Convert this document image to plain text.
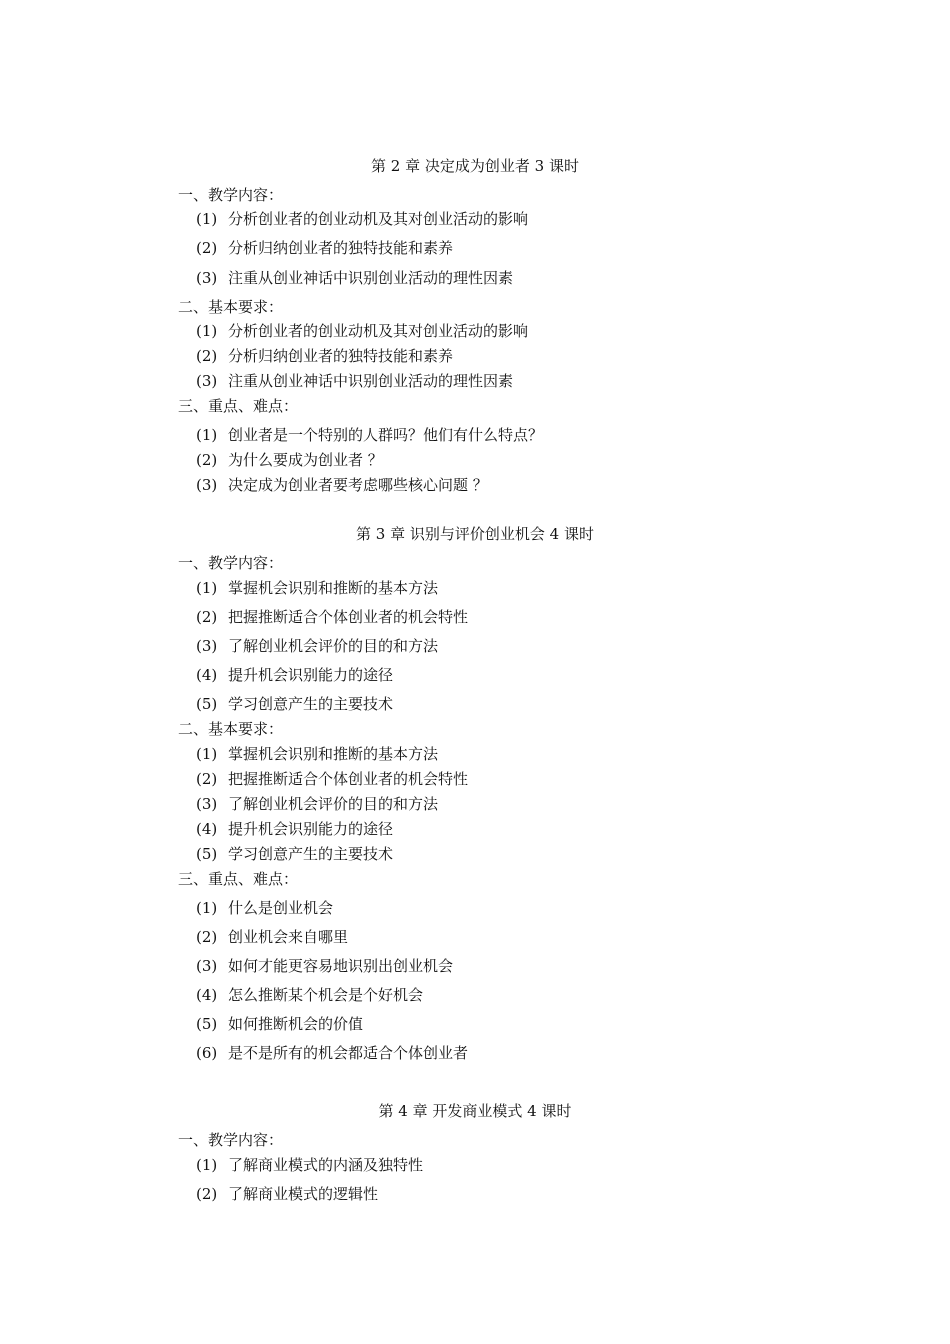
第 2 章 决定成为创业者 3 课时
一、教学内容：
(1) 分析创业者的创业动机及其对创业活动的影响
(2) 分析归纳创业者的独特技能和素养
(3) 注重从创业神话中识别创业活动的理性因素
二、基本要求：
(1) 分析创业者的创业动机及其对创业活动的影响
(2) 分析归纳创业者的独特技能和素养
(3) 注重从创业神话中识别创业活动的理性因素
三、重点、难点：
(1) 创业者是一个特别的人群吗？他们有什么特点？
(2) 为什么要成为创业者 ？
(3) 决定成为创业者要考虑哪些核心问题 ？
第 3 章 识别与评价创业机会 4 课时
一、教学内容：
(1) 掌握机会识别和推断的基本方法
(2) 把握推断适合个体创业者的机会特性
(3) 了解创业机会评价的目的和方法
(4) 提升机会识别能力的途径
(5) 学习创意产生的主要技术
二、基本要求：
(1) 掌握机会识别和推断的基本方法
(2) 把握推断适合个体创业者的机会特性
(3) 了解创业机会评价的目的和方法
(4) 提升机会识别能力的途径
(5) 学习创意产生的主要技术
三、重点、难点：
(1) 什么是创业机会
(2) 创业机会来自哪里
(3) 如何才能更容易地识别出创业机会
(4) 怎么推断某个机会是个好机会
(5) 如何推断机会的价值
(6) 是不是所有的机会都适合个体创业者
第 4 章 开发商业模式 4 课时
一、教学内容：
(1) 了解商业模式的内涵及独特性
(2) 了解商业模式的逻辑性
